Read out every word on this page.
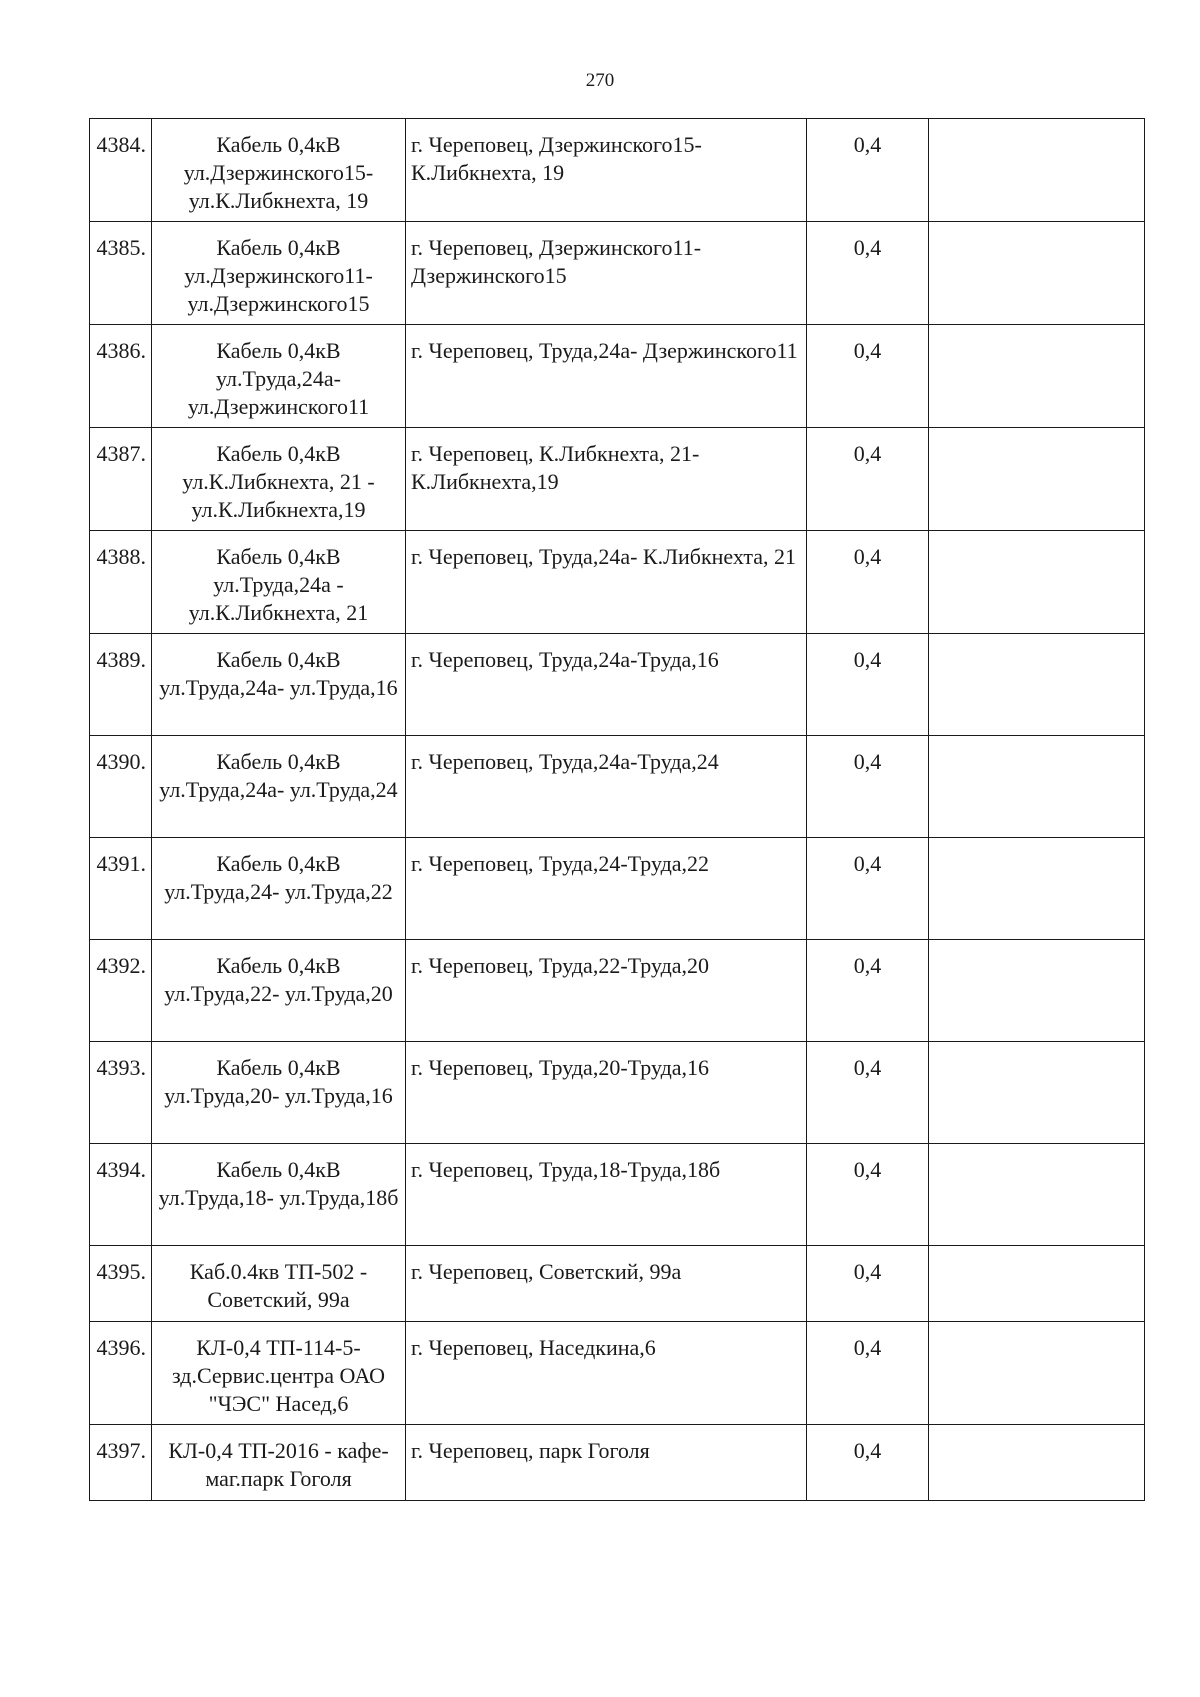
270
4384.	Кабель 0,4кВ ул.Дзержинского15- ул.К.Либкнехта, 19	г. Череповец, Дзержинского15- К.Либкнехта, 19	0,4	
4385.	Кабель 0,4кВ ул.Дзержинского11- ул.Дзержинского15	г. Череповец, Дзержинского11- Дзержинского15	0,4	
4386.	Кабель 0,4кВ ул.Труда,24а- ул.Дзержинского11	г. Череповец, Труда,24а- Дзержинского11	0,4	
4387.	Кабель 0,4кВ ул.К.Либкнехта, 21 - ул.К.Либкнехта,19	г. Череповец, К.Либкнехта, 21- К.Либкнехта,19	0,4	
4388.	Кабель 0,4кВ ул.Труда,24а - ул.К.Либкнехта, 21	г. Череповец, Труда,24а- К.Либкнехта, 21	0,4	
4389.	Кабель 0,4кВ ул.Труда,24а- ул.Труда,16	г. Череповец, Труда,24а-Труда,16	0,4	
4390.	Кабель 0,4кВ ул.Труда,24а- ул.Труда,24	г. Череповец, Труда,24а-Труда,24	0,4	
4391.	Кабель 0,4кВ ул.Труда,24- ул.Труда,22	г. Череповец, Труда,24-Труда,22	0,4	
4392.	Кабель 0,4кВ ул.Труда,22- ул.Труда,20	г. Череповец, Труда,22-Труда,20	0,4	
4393.	Кабель 0,4кВ ул.Труда,20- ул.Труда,16	г. Череповец, Труда,20-Труда,16	0,4	
4394.	Кабель 0,4кВ ул.Труда,18- ул.Труда,18б	г. Череповец, Труда,18-Труда,18б	0,4	
4395.	Каб.0.4кв ТП-502 - Советский, 99а	г. Череповец, Советский, 99а	0,4	
4396.	КЛ-0,4 ТП-114-5- зд.Сервис.центра ОАО "ЧЭС" Насед,6	г. Череповец, Наседкина,6	0,4	
4397.	КЛ-0,4 ТП-2016 - кафе-маг.парк Гоголя	г. Череповец, парк Гоголя	0,4	
